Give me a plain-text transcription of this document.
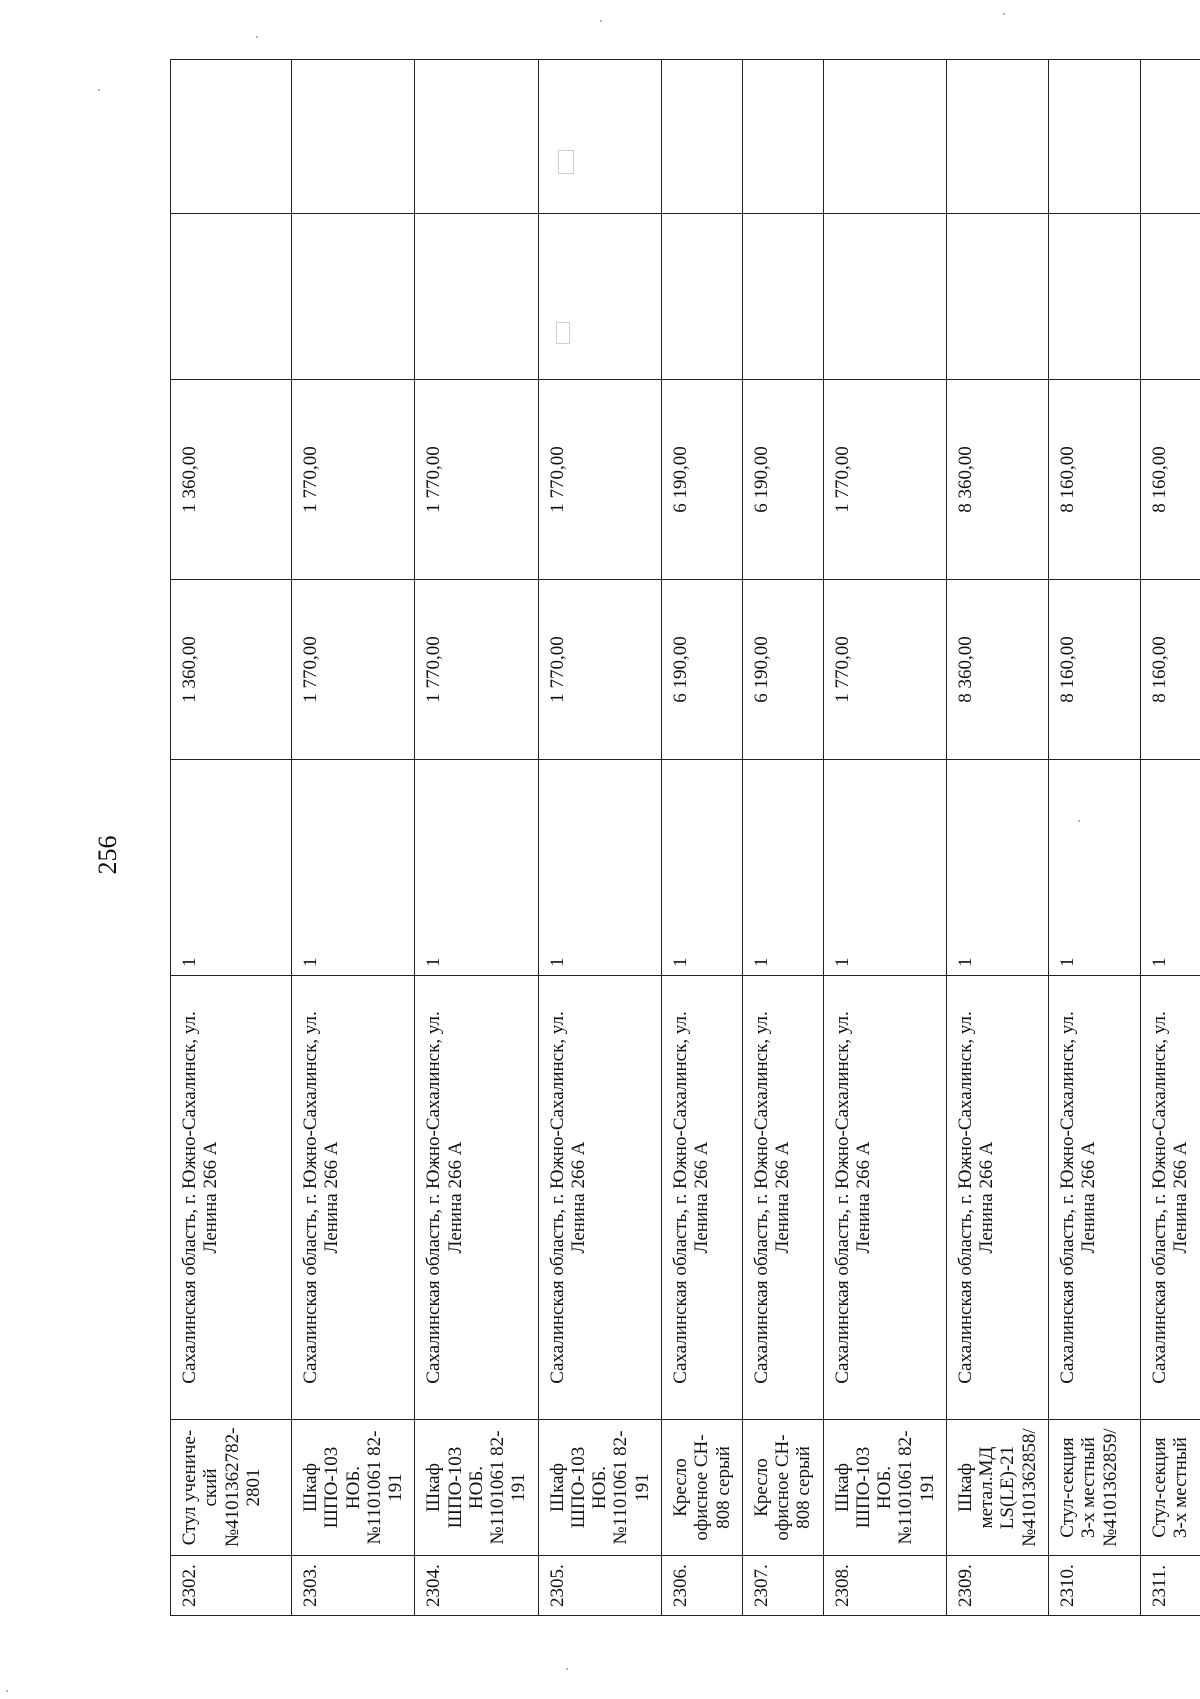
256
2302.	Стул учениче-ский №4101362782-2801	Сахалинская область, г. Южно-Сахалинск, ул. Ленина 266 А	1	1 360,00	1 360,00		
2303.	Шкаф ШПО-103 НОБ.№1101061 82-191	Сахалинская область, г. Южно-Сахалинск, ул. Ленина 266 А	1	1 770,00	1 770,00		
2304.	Шкаф ШПО-103 НОБ.№1101061 82-191	Сахалинская область, г. Южно-Сахалинск, ул. Ленина 266 А	1	1 770,00	1 770,00		
2305.	Шкаф ШПО-103 НОБ.№1101061 82-191	Сахалинская область, г. Южно-Сахалинск, ул. Ленина 266 А	1	1 770,00	1 770,00		
2306.	Кресло офисное CH-808 серый	Сахалинская область, г. Южно-Сахалинск, ул. Ленина 266 А	1	6 190,00	6 190,00		
2307.	Кресло офисное CH-808 серый	Сахалинская область, г. Южно-Сахалинск, ул. Ленина 266 А	1	6 190,00	6 190,00		
2308.	Шкаф ШПО-103 НОБ.№1101061 82-191	Сахалинская область, г. Южно-Сахалинск, ул. Ленина 266 А	1	1 770,00	1 770,00		
2309.	Шкаф метал.МД LS(LE)-21 №4101362858/	Сахалинская область, г. Южно-Сахалинск, ул. Ленина 266 А	1	8 360,00	8 360,00		
2310.	Стул-секция 3-х местный №4101362859/	Сахалинская область, г. Южно-Сахалинск, ул. Ленина 266 А	1	8 160,00	8 160,00		
2311.	Стул-секция 3-х местный	Сахалинская область, г. Южно-Сахалинск, ул. Ленина 266 А	1	8 160,00	8 160,00		
